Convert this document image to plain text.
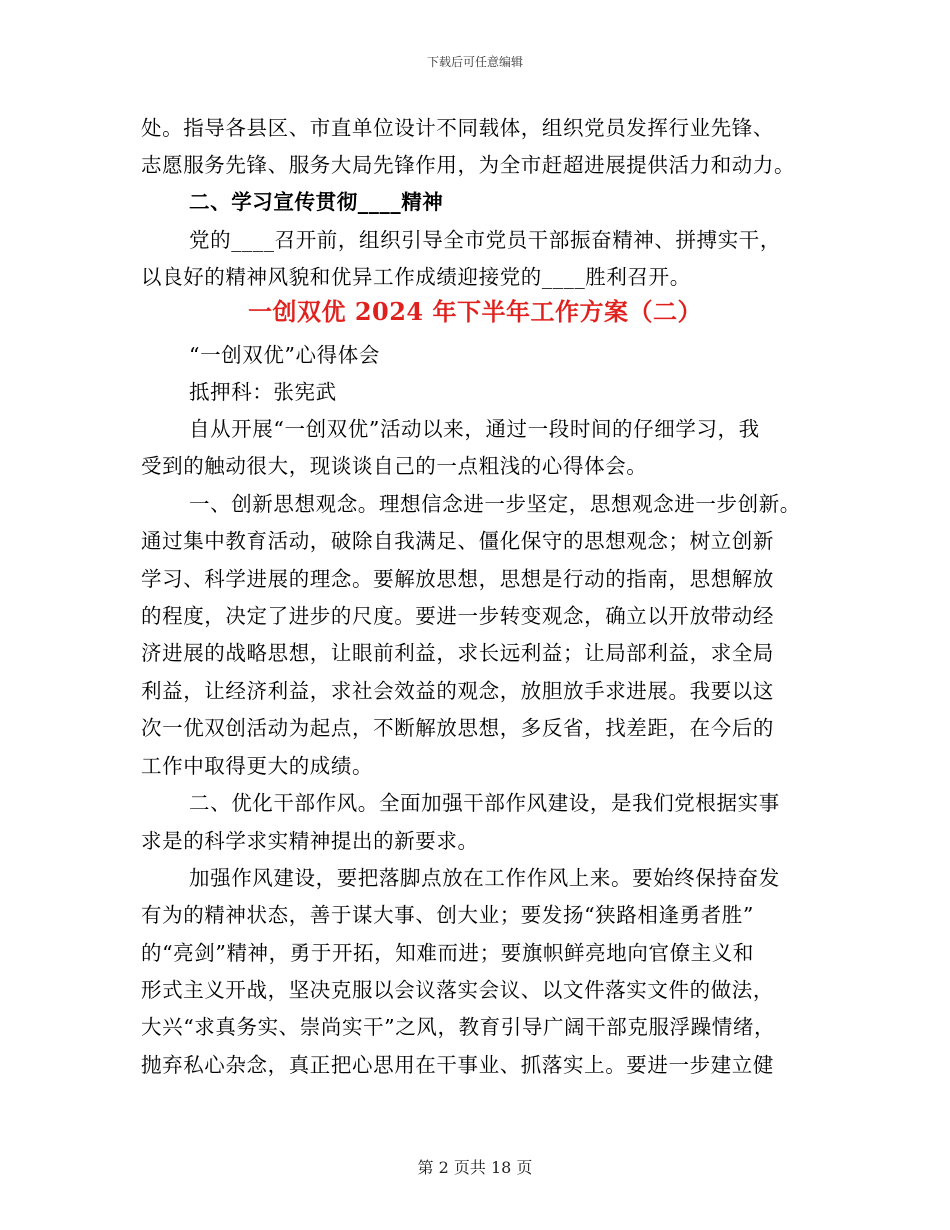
下载后可任意编辑
处。指导各县区、市直单位设计不同载体，组织党员发挥行业先锋、
志愿服务先锋、服务大局先锋作用，为全市赶超进展提供活力和动力。
二、学习宣传贯彻____精神
党的____召开前，组织引导全市党员干部振奋精神、拼搏实干，
以良好的精神风貌和优异工作成绩迎接党的____胜利召开。
一创双优 2024 年下半年工作方案（二）
“一创双优”心得体会
抵押科：张宪武
自从开展“一创双优”活动以来，通过一段时间的仔细学习，我
受到的触动很大，现谈谈自己的一点粗浅的心得体会。
一、创新思想观念。理想信念进一步坚定，思想观念进一步创新。
通过集中教育活动，破除自我满足、僵化保守的思想观念；树立创新
学习、科学进展的理念。要解放思想，思想是行动的指南，思想解放
的程度，决定了进步的尺度。要进一步转变观念，确立以开放带动经
济进展的战略思想，让眼前利益，求长远利益；让局部利益，求全局
利益，让经济利益，求社会效益的观念，放胆放手求进展。我要以这
次一优双创活动为起点，不断解放思想，多反省，找差距，在今后的
工作中取得更大的成绩。
二、优化干部作风。全面加强干部作风建设，是我们党根据实事
求是的科学求实精神提出的新要求。
加强作风建设，要把落脚点放在工作作风上来。要始终保持奋发
有为的精神状态，善于谋大事、创大业；要发扬“狭路相逢勇者胜”
的“亮剑”精神，勇于开拓，知难而进；要旗帜鲜亮地向官僚主义和
形式主义开战，坚决克服以会议落实会议、以文件落实文件的做法，
大兴“求真务实、崇尚实干”之风，教育引导广阔干部克服浮躁情绪，
抛弃私心杂念，真正把心思用在干事业、抓落实上。要进一步建立健
第 2 页共 18 页
